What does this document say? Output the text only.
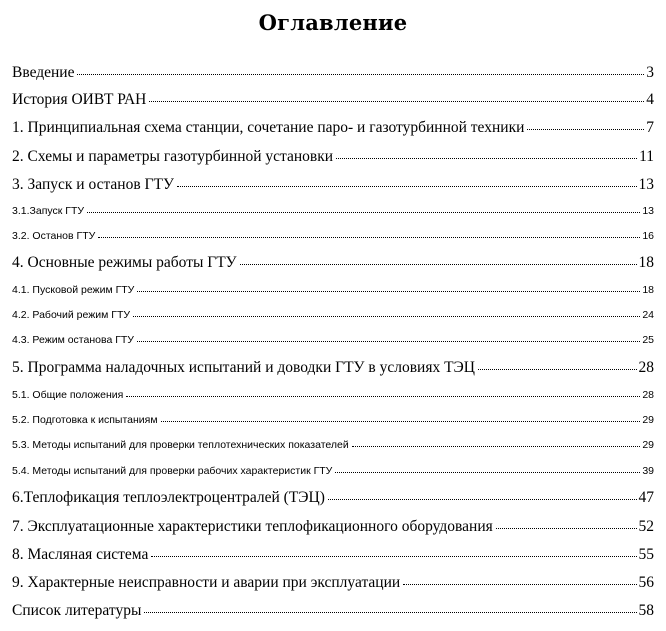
Оглавление
Введение	3
История ОИВТ РАН	4
1. Принципиальная схема станции, сочетание паро- и газотурбинной техники	7
2. Схемы и параметры газотурбинной установки	11
3. Запуск и останов ГТУ	13
3.1.Запуск ГТУ	13
3.2. Останов ГТУ	16
4. Основные режимы работы ГТУ	18
4.1. Пусковой режим ГТУ	18
4.2. Рабочий режим ГТУ	24
4.3. Режим останова ГТУ	25
5. Программа наладочных испытаний и доводки ГТУ в условиях ТЭЦ	28
5.1. Общие положения	28
5.2. Подготовка к испытаниям	29
5.3. Методы испытаний для проверки теплотехнических показателей	29
5.4. Методы испытаний для проверки рабочих характеристик ГТУ	39
6.Теплофикация теплоэлектроцентралей (ТЭЦ)	47
7. Эксплуатационные характеристики теплофикационного оборудования	52
8. Масляная система	55
9. Характерные неисправности и аварии при эксплуатации	56
Список литературы	58
